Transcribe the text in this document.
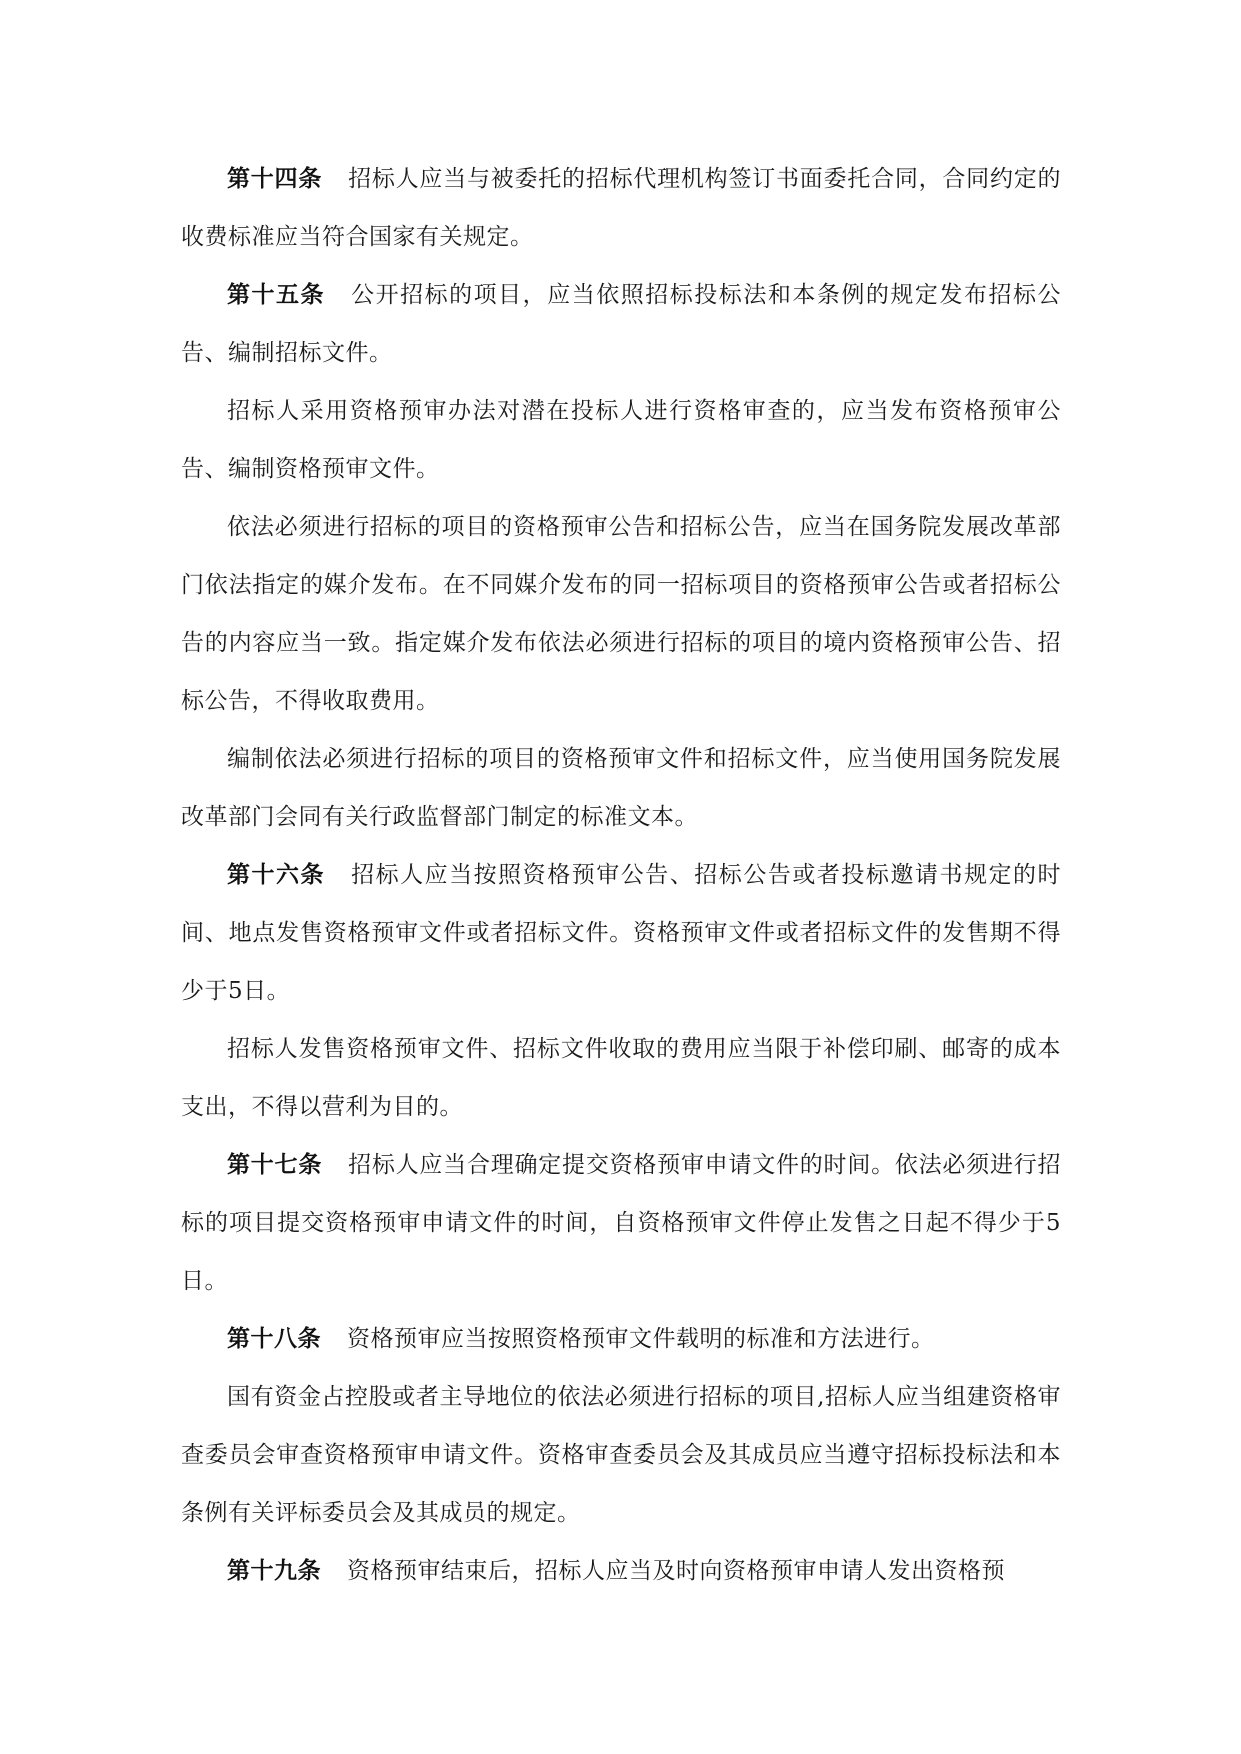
第十四条 招标人应当与被委托的招标代理机构签订书面委托合同，合同约定的收费标准应当符合国家有关规定。

第十五条 公开招标的项目，应当依照招标投标法和本条例的规定发布招标公告、编制招标文件。

招标人采用资格预审办法对潜在投标人进行资格审查的，应当发布资格预审公告、编制资格预审文件。

依法必须进行招标的项目的资格预审公告和招标公告，应当在国务院发展改革部门依法指定的媒介发布。在不同媒介发布的同一招标项目的资格预审公告或者招标公告的内容应当一致。指定媒介发布依法必须进行招标的项目的境内资格预审公告、招标公告，不得收取费用。

编制依法必须进行招标的项目的资格预审文件和招标文件，应当使用国务院发展改革部门会同有关行政监督部门制定的标准文本。

第十六条 招标人应当按照资格预审公告、招标公告或者投标邀请书规定的时间、地点发售资格预审文件或者招标文件。资格预审文件或者招标文件的发售期不得少于5日。

招标人发售资格预审文件、招标文件收取的费用应当限于补偿印刷、邮寄的成本支出，不得以营利为目的。

第十七条 招标人应当合理确定提交资格预审申请文件的时间。依法必须进行招标的项目提交资格预审申请文件的时间，自资格预审文件停止发售之日起不得少于5日。

第十八条 资格预审应当按照资格预审文件载明的标准和方法进行。

国有资金占控股或者主导地位的依法必须进行招标的项目,招标人应当组建资格审查委员会审查资格预审申请文件。资格审查委员会及其成员应当遵守招标投标法和本条例有关评标委员会及其成员的规定。

第十九条 资格预审结束后，招标人应当及时向资格预审申请人发出资格预
